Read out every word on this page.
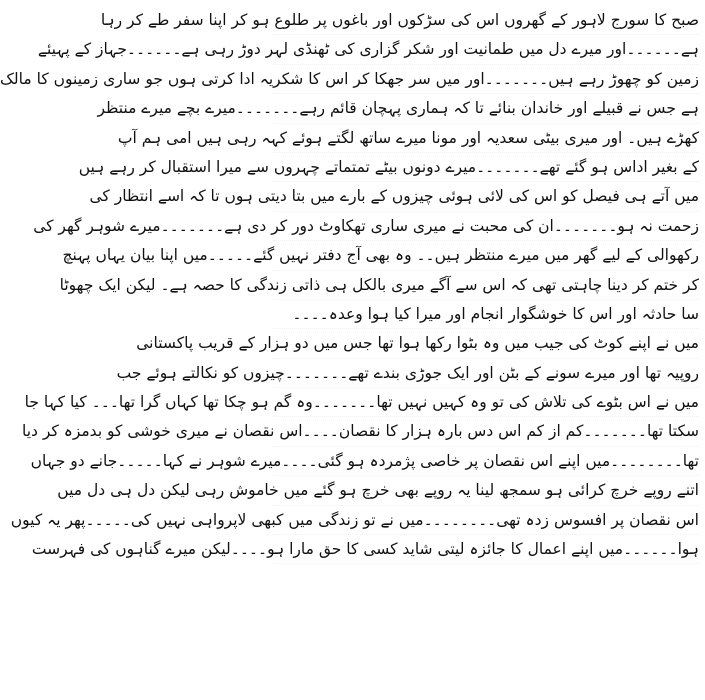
صبح کا سورج لاہور کے گھروں اس کی سڑکوں اور باغوں پر طلوع ہو کر اپنا سفر طے کر رہا
ہے۔۔۔۔۔۔اور میرے دل میں طمانیت اور شکر گزاری کی ٹھنڈی لہر دوڑ رہی ہے۔۔۔۔۔۔جہاز کے پہیئے
زمین کو چھوڑ رہے ہیں۔۔۔۔۔۔۔اور میں سر جھکا کر اس کا شکریہ ادا کرتی ہوں جو ساری زمینوں کا مالک
ہے جس نے قبیلے اور خاندان بنائے تا کہ ہماری پہچان قائم رہے۔۔۔۔۔۔۔میرے بچے میرے منتظر
کھڑے ہیں۔ اور میری بیٹی سعدیہ اور مونا میرے ساتھ لگتے ہوئے کہہ رہی ہیں امی ہم آپ
کے بغیر اداس ہو گئے تھے۔۔۔۔۔۔۔میرے دونوں بیٹے تمتماتے چہروں سے میرا استقبال کر رہے ہیں
میں آتے ہی فیصل کو اس کی لائی ہوئی چیزوں کے بارے میں بتا دیتی ہوں تا کہ اسے انتظار کی
زحمت نہ ہو۔۔۔۔۔۔۔ان کی محبت نے میری ساری تھکاوٹ دور کر دی ہے۔۔۔۔۔۔۔میرے شوہر گھر کی
رکھوالی کے لیے گھر میں میرے منتظر ہیں۔۔ وہ بھی آج دفتر نہیں گئے۔۔۔۔۔میں اپنا بیان یہاں پہنچ
کر ختم کر دینا چاہتی تھی کہ اس سے آگے میری بالکل ہی ذاتی زندگی کا حصہ ہے۔ لیکن ایک چھوٹا
سا حادثہ اور اس کا خوشگوار انجام اور میرا کیا ہوا وعدہ۔۔۔۔
میں نے اپنے کوٹ کی جیب میں وہ بٹوا رکھا ہوا تھا جس میں دو ہزار کے قریب پاکستانی
روپیہ تھا اور میرے سونے کے بٹن اور ایک جوڑی بندے تھے۔۔۔۔۔۔۔چیزوں کو نکالتے ہوئے جب
میں نے اس بٹوے کی تلاش کی تو وہ کہیں نہیں تھا۔۔۔۔۔۔۔وہ گم ہو چکا تھا کہاں گرا تھا۔۔۔ کیا کہا جا
سکتا تھا۔۔۔۔۔۔۔کم از کم اس دس بارہ ہزار کا نقصان۔۔۔۔اس نقصان نے میری خوشی کو بدمزہ کر دیا
تھا۔۔۔۔۔۔۔۔میں اپنے اس نقصان پر خاصی پژمردہ ہو گئی۔۔۔۔میرے شوہر نے کہا۔۔۔۔۔جانے دو جہاں
اتنے روپے خرچ کرائی ہو سمجھ لینا یہ روپے بھی خرچ ہو گئے میں خاموش رہی لیکن دل ہی دل میں
اس نقصان پر افسوس زدہ تھی۔۔۔۔۔۔۔۔میں نے تو زندگی میں کبھی لاپرواہی نہیں کی۔۔۔۔۔پھر یہ کیوں
ہوا۔۔۔۔۔۔میں اپنے اعمال کا جائزہ لیتی شاید کسی کا حق مارا ہو۔۔۔۔لیکن میرے گناہوں کی فہرست
